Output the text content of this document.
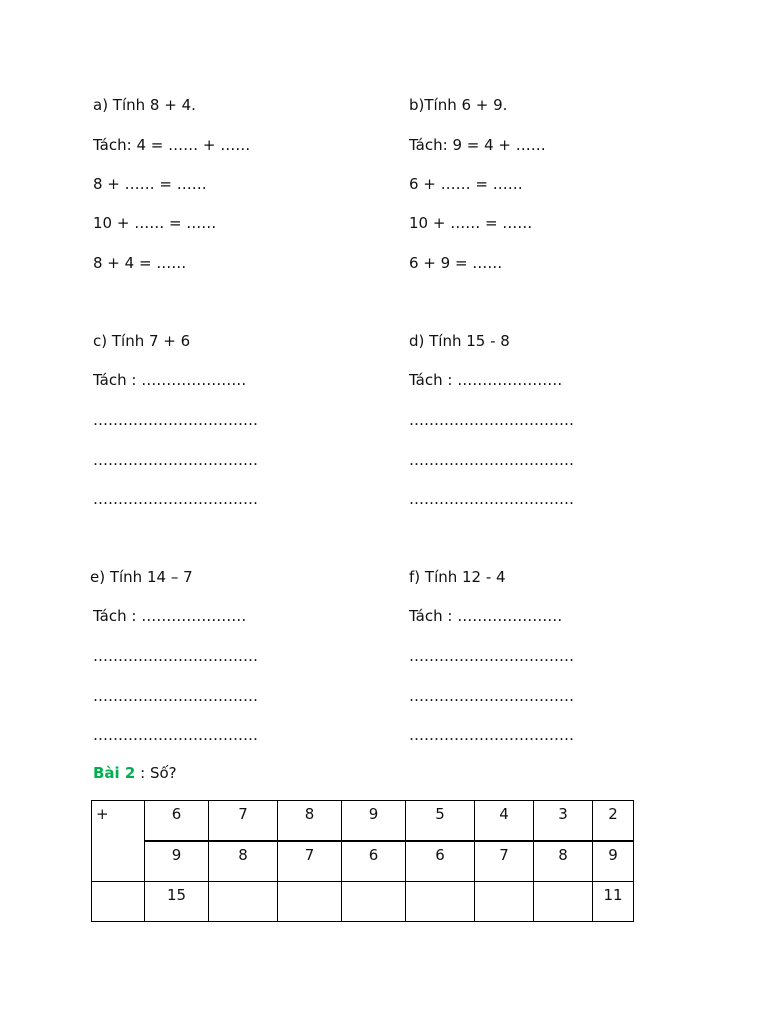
a) Tính 8 + 4.
Tách: 4 = …… + ……
8 + …… = ……
10 + …… = ……
8 + 4 = ……
c) Tính 7 + 6
Tách : …………………
……………………………
……………………………
……………………………
e) Tính 14 – 7
Tách : …………………
……………………………
……………………………
……………………………
b)Tính 6 + 9.
Tách: 9 = 4 + ……
6 + …… = ……
10 + …… = ……
6 + 9 = ……
d) Tính 15 - 8
Tách : …………………
……………………………
……………………………
……………………………
f) Tính 12 - 4
Tách : …………………
……………………………
……………………………
……………………………
Bài 2 : Số?
+	6	7	8	9	5	4	3	2
	9	8	7	6	6	7	8	9
	15							11
